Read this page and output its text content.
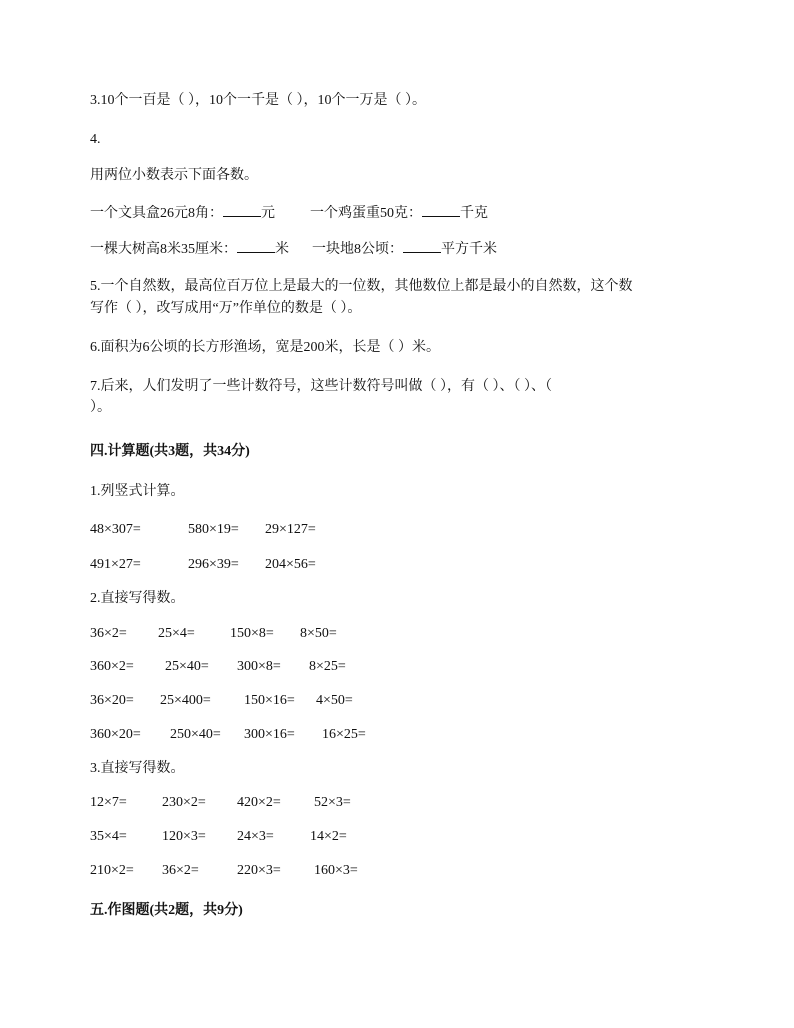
3.10个一百是（ ），10个一千是（ ），10个一万是（ ）。
4.
用两位小数表示下面各数。
一个文具盒26元8角：	元	一个鸡蛋重50克：	千克
一棵大树高8米35厘米：	米 一块地8公顷：	平方千米
5.一个自然数，最高位百万位上是最大的一位数，其他数位上都是最小的自然数，这个数
写作（ ），改写成用“万”作单位的数是（ ）。
6.面积为6公顷的长方形渔场，宽是200米，长是（ ）米。
7.后来，人们发明了一些计数符号，这些计数符号叫做（ ），有（ ）、（ ）、（
）。
四.计算题(共3题，共34分)
1.列竖式计算。
2.直接写得数。
3.直接写得数。
五.作图题(共2题，共9分)
48×307=	580×19= 29×127=
491×27=	296×39= 204×56=
36×2= 25×4=	150×8= 8×50=
360×2= 25×40= 300×8= 8×25=
36×20= 25×400= 150×16= 4×50=
360×20= 250×40= 300×16= 16×25=
12×7=	230×2= 420×2= 52×3=
35×4=	120×3= 24×3=	14×2=
210×2= 36×2=	220×3= 160×3=
